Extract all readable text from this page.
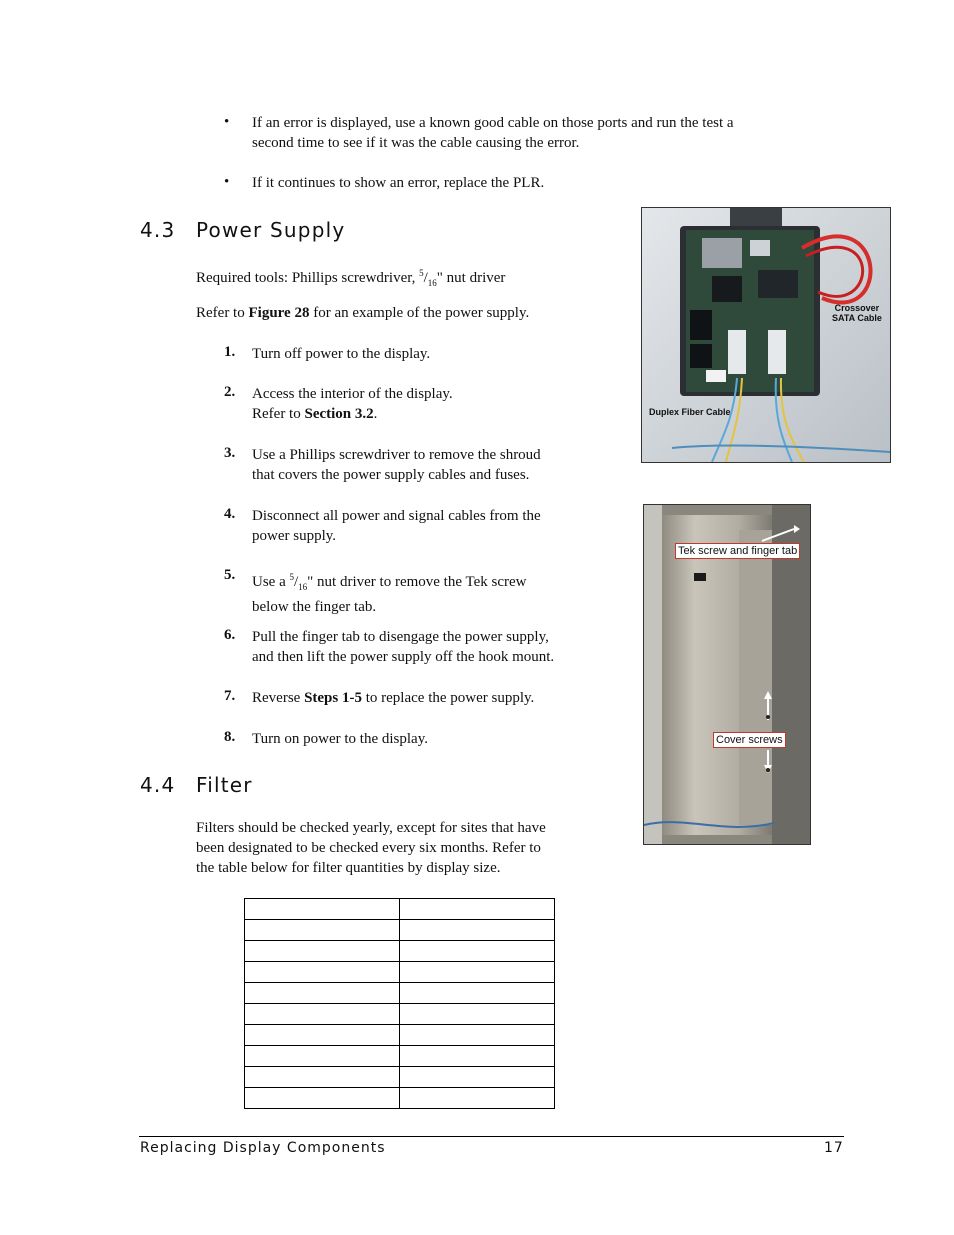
• If an error is displayed, use a known good cable on those ports and run the test a
second time to see if it was the cable causing the error.
• If it continues to show an error, replace the PLR.
4.3 Power Supply
Required tools: Phillips screwdriver, $^5/_{16}$" nut driver
Refer to Figure 28 for an example of the power supply.
1. Turn off power to the display.
2. Access the interior of the display.
Refer to Section 3.2.
3. Use a Phillips screwdriver to remove the shroud
that covers the power supply cables and fuses.
4. Disconnect all power and signal cables from the
power supply.
5. Use a $^5/_{16}$" nut driver to remove the Tek screw
below the finger tab.
6. Pull the finger tab to disengage the power supply,
and then lift the power supply off the hook mount.
7. Reverse Steps 1-5 to replace the power supply.
8. Turn on power to the display.
4.4 Filter
Filters should be checked yearly, except for sites that have
been designated to be checked every six months. Refer to
the table below for filter quantities by display size.

Crossover
SATA Cable
Duplex Fiber Cable
Tek screw and finger tab
Cover screws
Replacing Display Components	17
